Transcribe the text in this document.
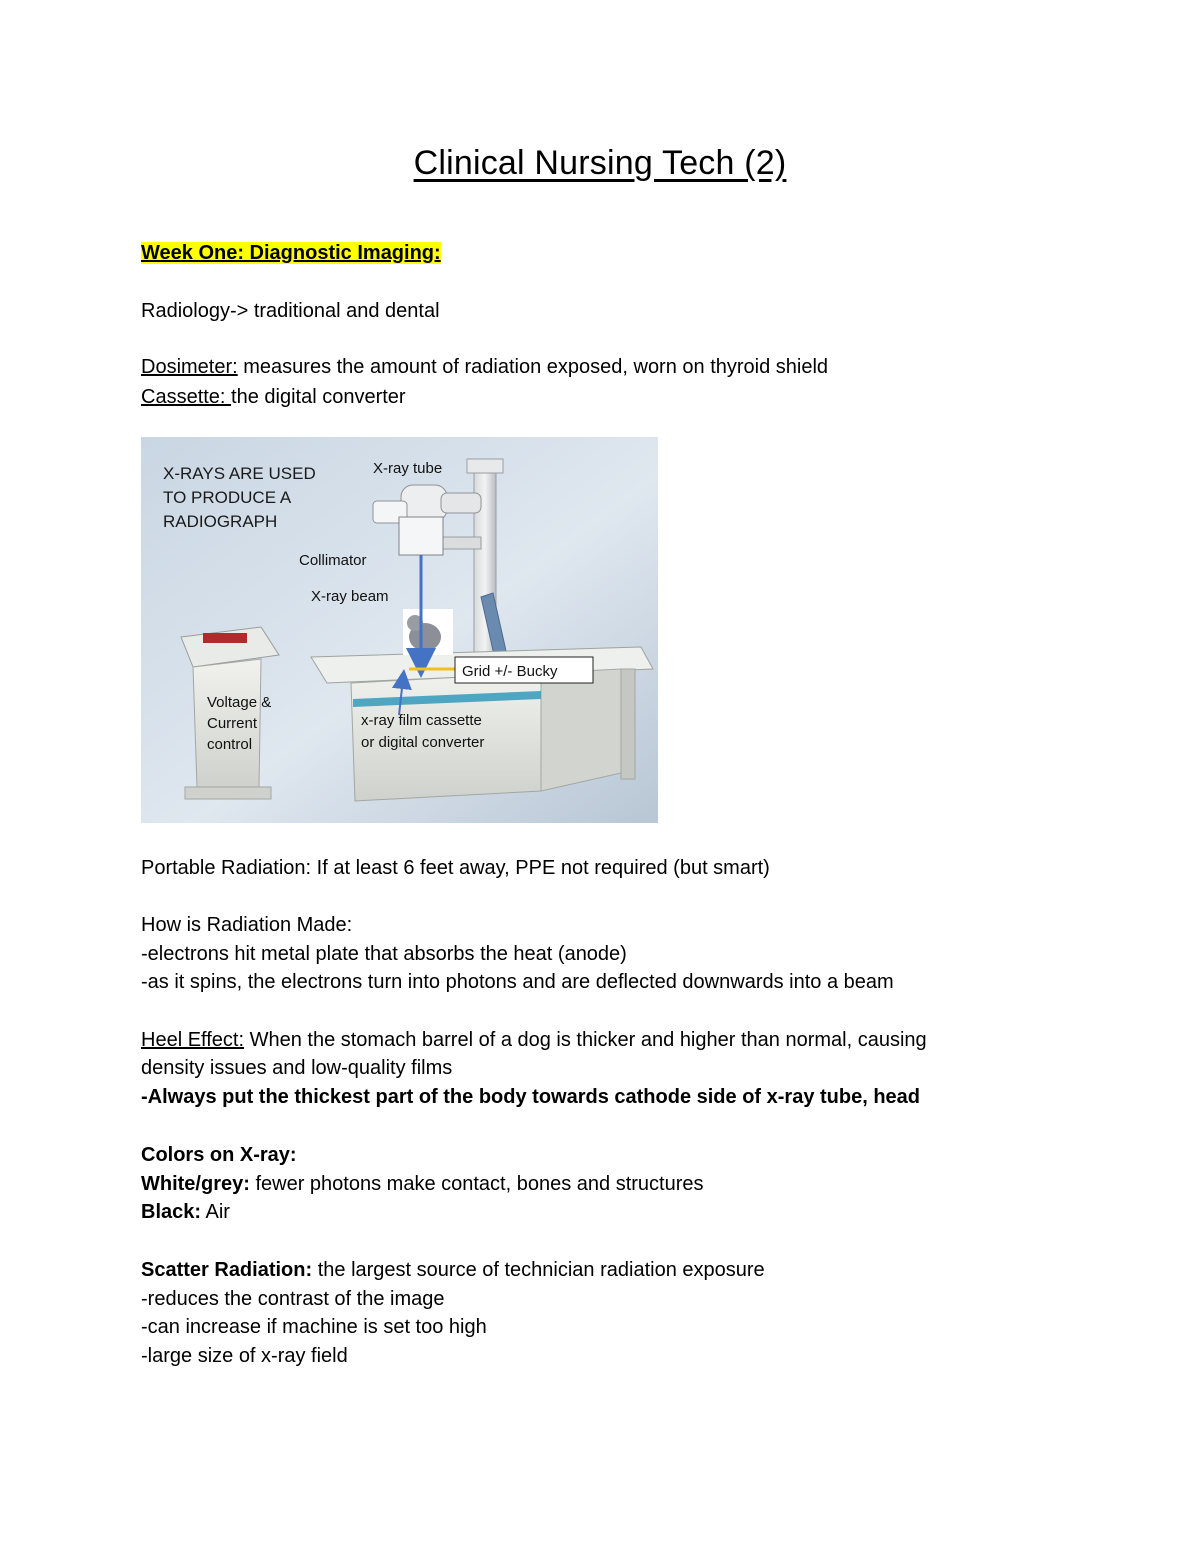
Clinical Nursing Tech (2)
Week One: Diagnostic Imaging:
Radiology-> traditional and dental
Dosimeter: measures the amount of radiation exposed, worn on thyroid shield
Cassette: the digital converter
X-RAYS ARE USED
TO PRODUCE A
RADIOGRAPH
X-ray tube
Collimator
X-ray beam
Grid +/- Bucky
Voltage &
Current
control
x-ray film cassette
or digital converter
Portable Radiation: If at least 6 feet away, PPE not required (but smart)
How is Radiation Made:
-electrons hit metal plate that absorbs the heat (anode)
-as it spins, the electrons turn into photons and are deflected downwards into a beam
Heel Effect: When the stomach barrel of a dog is thicker and higher than normal, causing
density issues and low-quality films
-Always put the thickest part of the body towards cathode side of x-ray tube, head
Colors on X-ray:
White/grey: fewer photons make contact, bones and structures
Black: Air
Scatter Radiation: the largest source of technician radiation exposure
-reduces the contrast of the image
-can increase if machine is set too high
-large size of x-ray field
